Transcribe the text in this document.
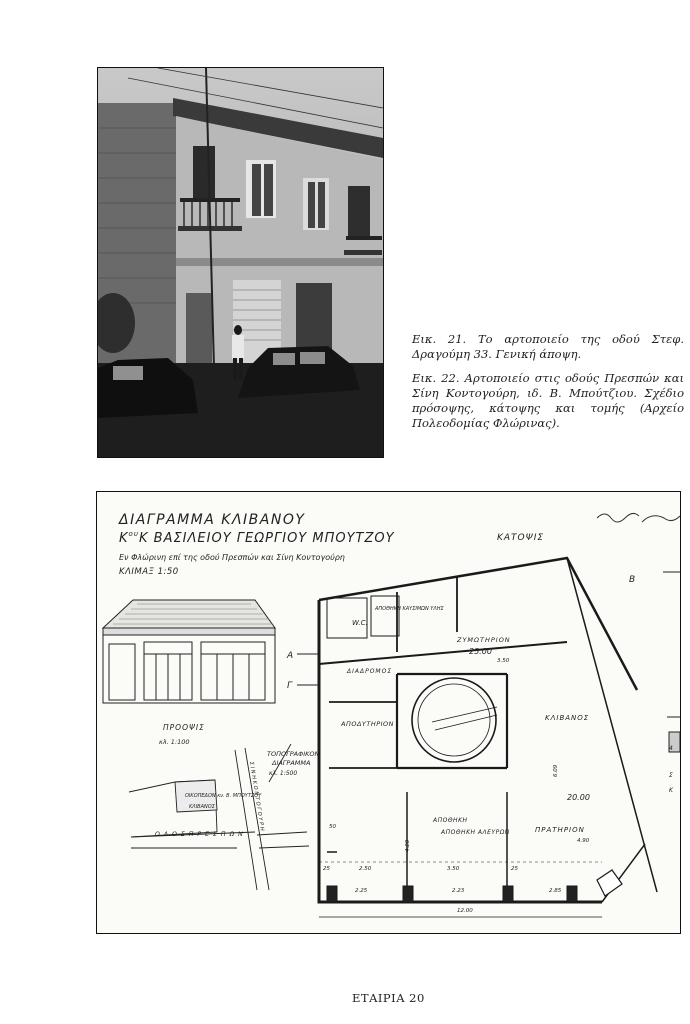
Εικ. 21. Το αρτοποιείο της οδού Στεφ. Δραγούμη 33. Γενική άποψη.

Εικ. 22. Αρτοποιείο στις οδούς Πρεσπών και Σίνη Κοντογούρη, ιδ. Β. Μπούτζιου. Σχέδιο πρόσοψης, κάτοψης και τομής (Αρχείο Πολεοδομίας Φλώρινας).

ΔΙΑΓΡΑΜΜΑ ΚΛΙΒΑΝΟΥ
$K^{o\upsilon}$ Κ ΒΑΣΙΛΕΙΟΥ ΓΕΩΡΓΙΟΥ ΜΠΟΥΤΖΟΥ
Εν Φλώρινη επί της οδού Πρεσπών και Σίνη Κοντογούρη
ΚΛΙΜΑΞ 1:50
ΚΑΤΟΨΙΣ
ΠΡΟΟΨΙΣ
κλ. 1:100
ΤΟΠΟΓΡΑΦΙΚΟΝ
ΔΙΑΓΡΑΜΜΑ
κλ. 1:500
Ο Δ Ο Σ Π Ρ Ε Σ Π Ω Ν
Σ Ι Ν Η Κ Ο Ν Τ Ο Γ Ο Υ Ρ Η
ΟΙΚΟΠΕΔΟΝ κν. Β. ΜΠΟΥΤΖΟΥ
ΚΛΙΒΑΝΟΣ
W.C.
ΑΠΟΘΗΚΗ ΚΑΥΣΙΜΩΝ ΥΛΗΣ
ΔΙΑΔΡΟΜΟΣ
ΖΥΜΩΤΗΡΙΟΝ
25.00
ΑΠΟΔΥΤΗΡΙΟΝ
ΚΛΙΒΑΝΟΣ
ΑΠΟΘΗΚΗ
ΑΠΟΘΗΚΗ ΑΛΕΥΡΩΝ	ΠΡΑΤΗΡΙΟΝ
20.00
3.50
25	2.50	3.50	25
12.00
4.90
6.09
50
4.20
2.25	2.23	2.85
Α
Γ
Β
4
Σ
Κ
ΕΤΑΙΡΙΑ 20
